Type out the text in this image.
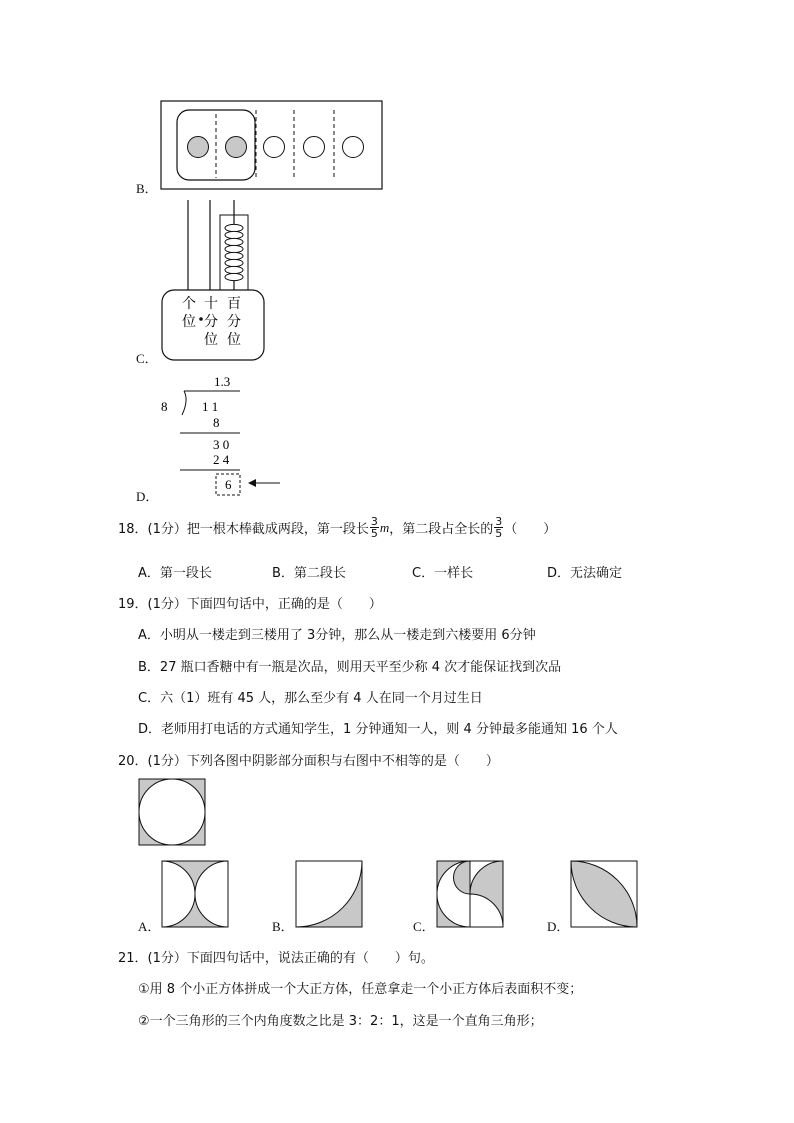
B．
C．
个
位
十
分
位
百
分
位
D．
1.3
8	1 1
8
3 0
2 4
6
18．(1分）把一根木棒截成两段，第一段长 $\frac{3}{5}$ m ，第二段占全长的 $\frac{3}{5}$ （　　）
A．第一段长	B．第二段长	C．一样长	D．无法确定
19．(1分）下面四句话中，正确的是（　　）
A．小明从一楼走到三楼用了 3分钟，那么从一楼走到六楼要用 6分钟
B．27 瓶口香糖中有一瓶是次品，则用天平至少称 4 次才能保证找到次品
C．六（1）班有 45 人，那么至少有 4 人在同一个月过生日
D．老师用打电话的方式通知学生，1 分钟通知一人，则 4 分钟最多能通知 16 个人
20．(1分）下列各图中阴影部分面积与右图中不相等的是（　　）
A．	B．	C．	D．
21．(1分）下面四句话中，说法正确的有（　　）句。
①用 8 个小正方体拼成一个大正方体，任意拿走一个小正方体后表面积不变；
②一个三角形的三个内角度数之比是 3：2：1，这是一个直角三角形；
